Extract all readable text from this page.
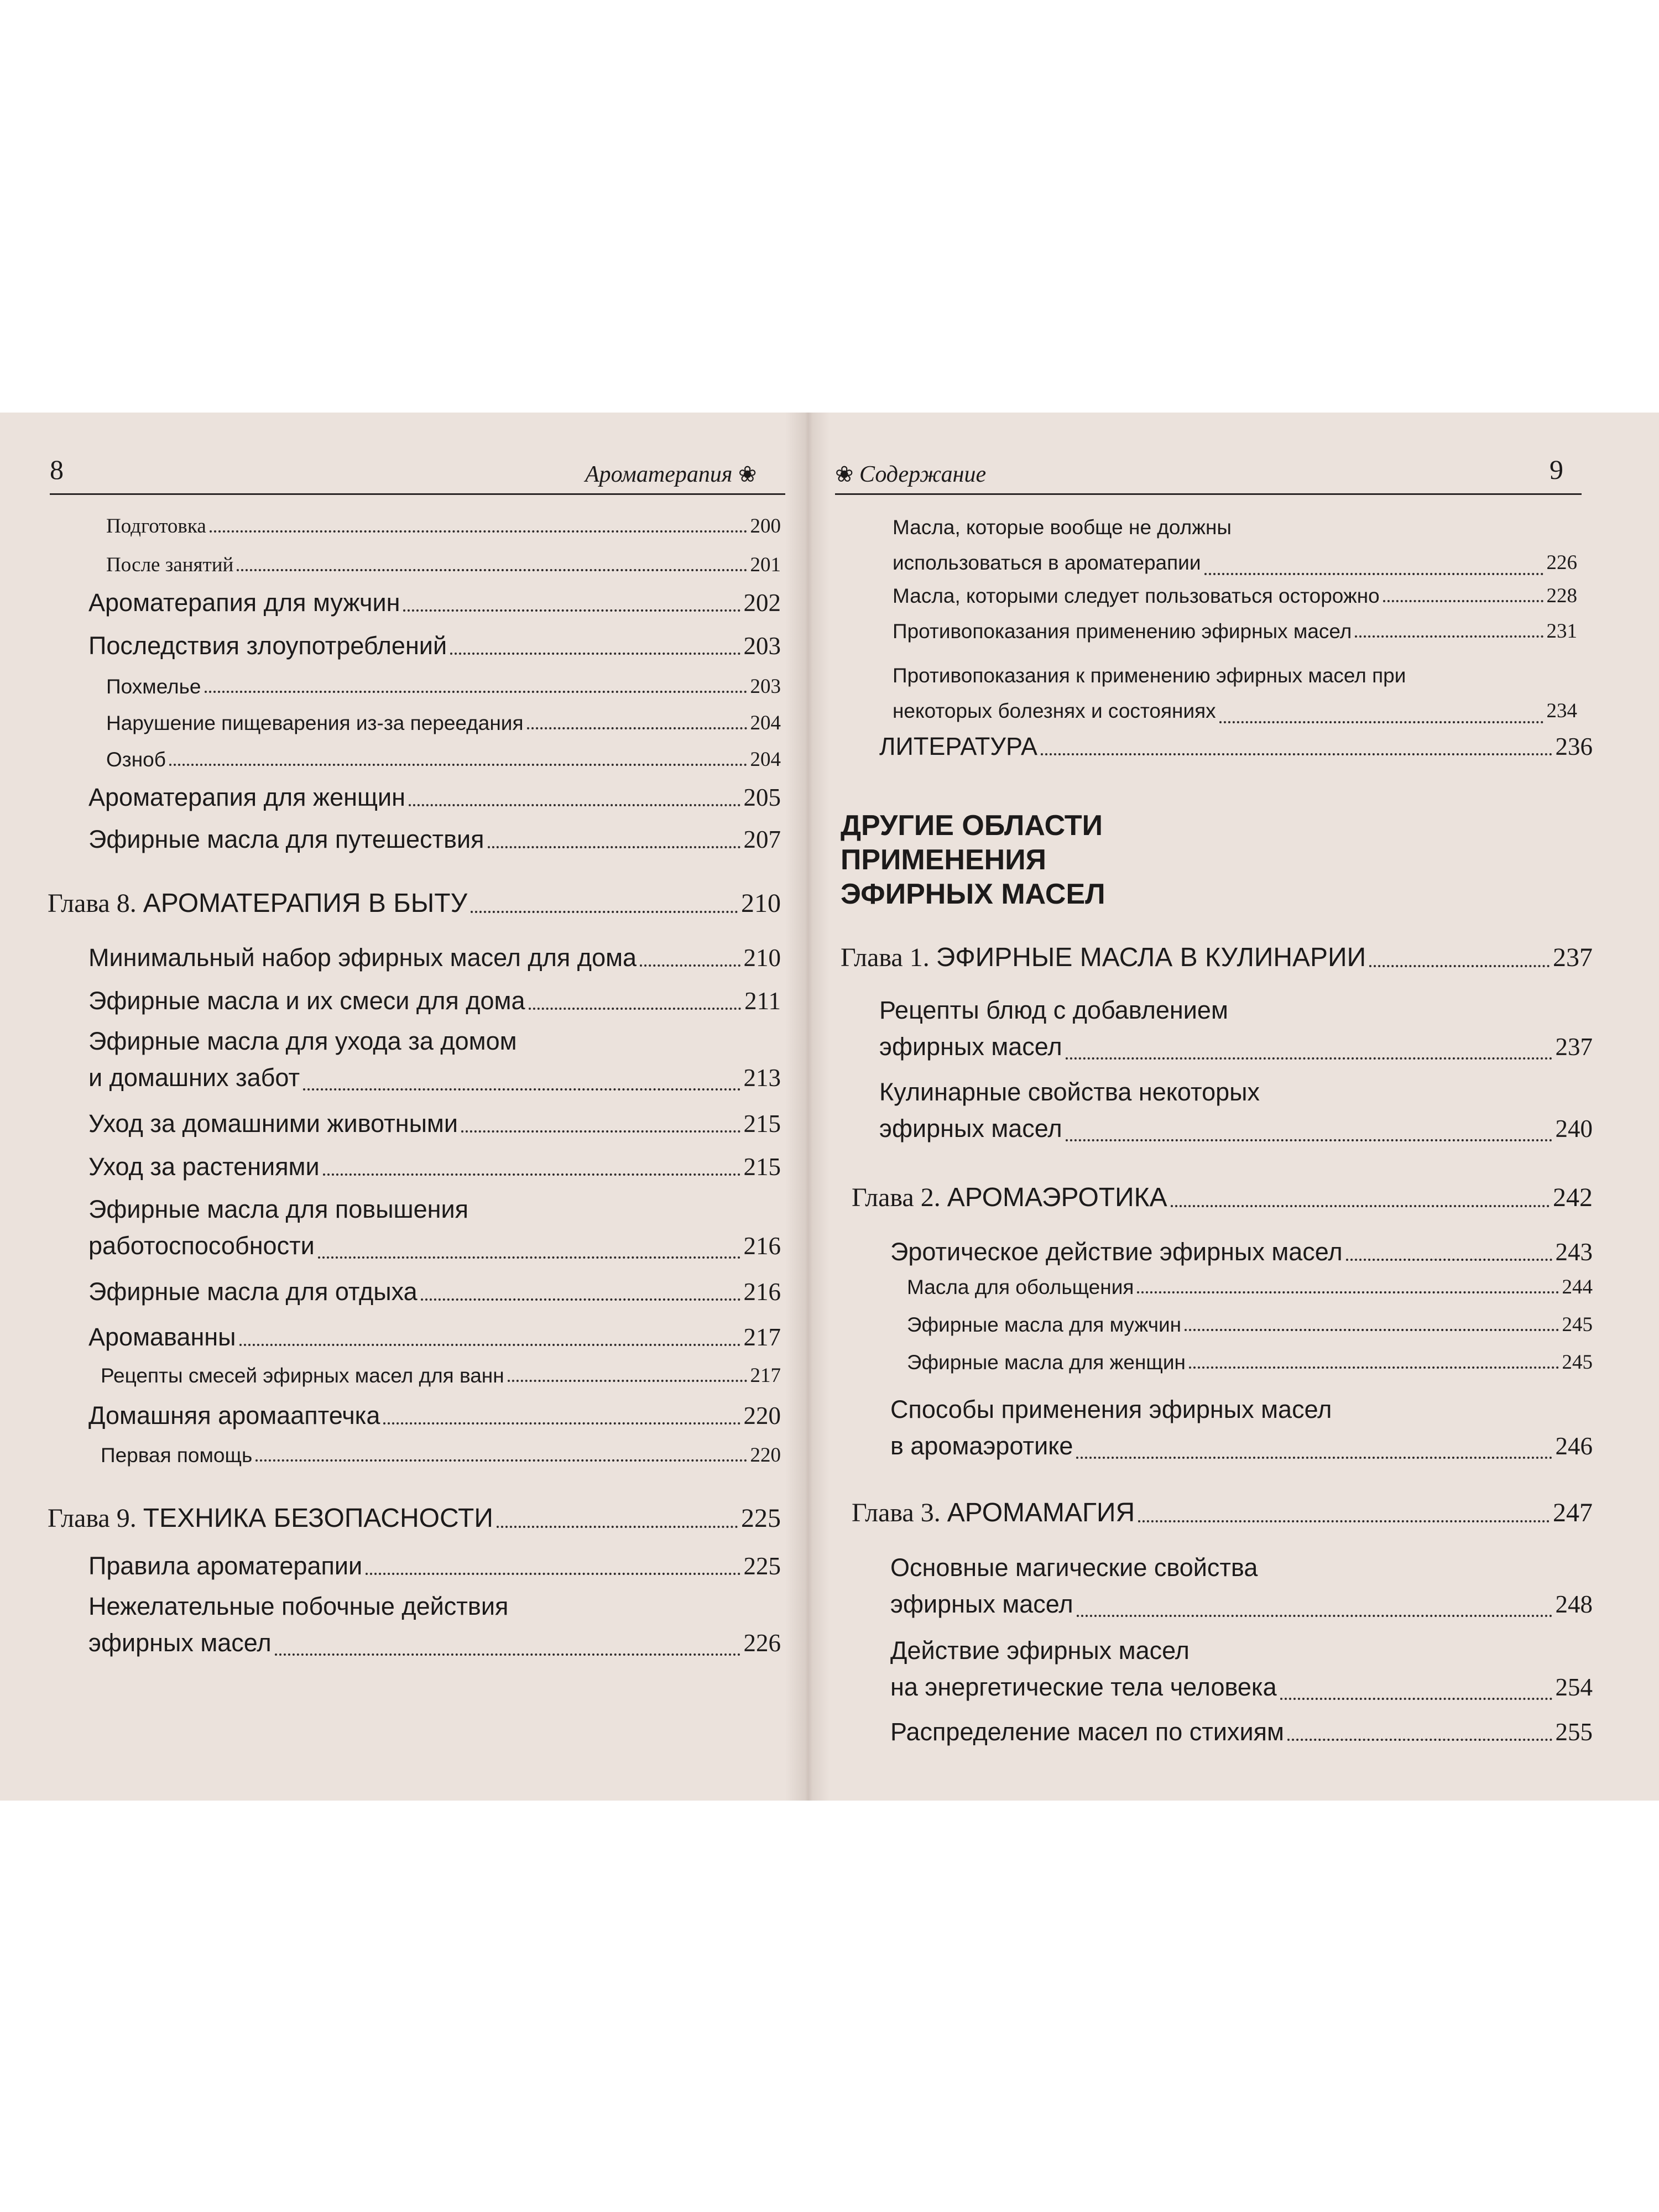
8	Ароматерапия ❀
Подготовка	200
После занятий	201
Ароматерапия для мужчин	202
Последствия злоупотреблений	203
Похмелье	203
Нарушение пищеварения из-за переедания	204
Озноб	204
Ароматерапия для женщин	205
Эфирные масла для путешествия	207
Глава 8. АРОМАТЕРАПИЯ В БЫТУ	210
Минимальный набор эфирных масел для дома	210
Эфирные масла и их смеси для дома	211
Эфирные масла для ухода за домом
и домашних забот	213
Уход за домашними животными	215
Уход за растениями	215
Эфирные масла для повышения
работоспособности	216
Эфирные масла для отдыха	216
Аромаванны	217
Рецепты смесей эфирных масел для ванн	217
Домашняя аромааптечка	220
Первая помощь	220
Глава 9. ТЕХНИКА БЕЗОПАСНОСТИ	225
Правила ароматерапии	225
Нежелательные побочные действия
эфирных масел	226
❀ Содержание	9
Масла, которые вообще не должны
использоваться в ароматерапии	226
Масла, которыми следует пользоваться осторожно	228
Противопоказания применению эфирных масел	231
Противопоказания к применению эфирных масел при
некоторых болезнях и состояниях	234
ЛИТЕРАТУРА	236
ДРУГИЕ ОБЛАСТИ
ПРИМЕНЕНИЯ
ЭФИРНЫХ МАСЕЛ
Глава 1. ЭФИРНЫЕ МАСЛА В КУЛИНАРИИ	237
Рецепты блюд с добавлением
эфирных масел	237
Кулинарные свойства некоторых
эфирных масел	240
Глава 2. АРОМАЭРОТИКА	242
Эротическое действие эфирных масел	243
Масла для обольщения	244
Эфирные масла для мужчин	245
Эфирные масла для женщин	245
Способы применения эфирных масел
в аромаэротике	246
Глава 3. АРОМАМАГИЯ	247
Основные магические свойства
эфирных масел	248
Действие эфирных масел
на энергетические тела человека	254
Распределение масел по стихиям	255
